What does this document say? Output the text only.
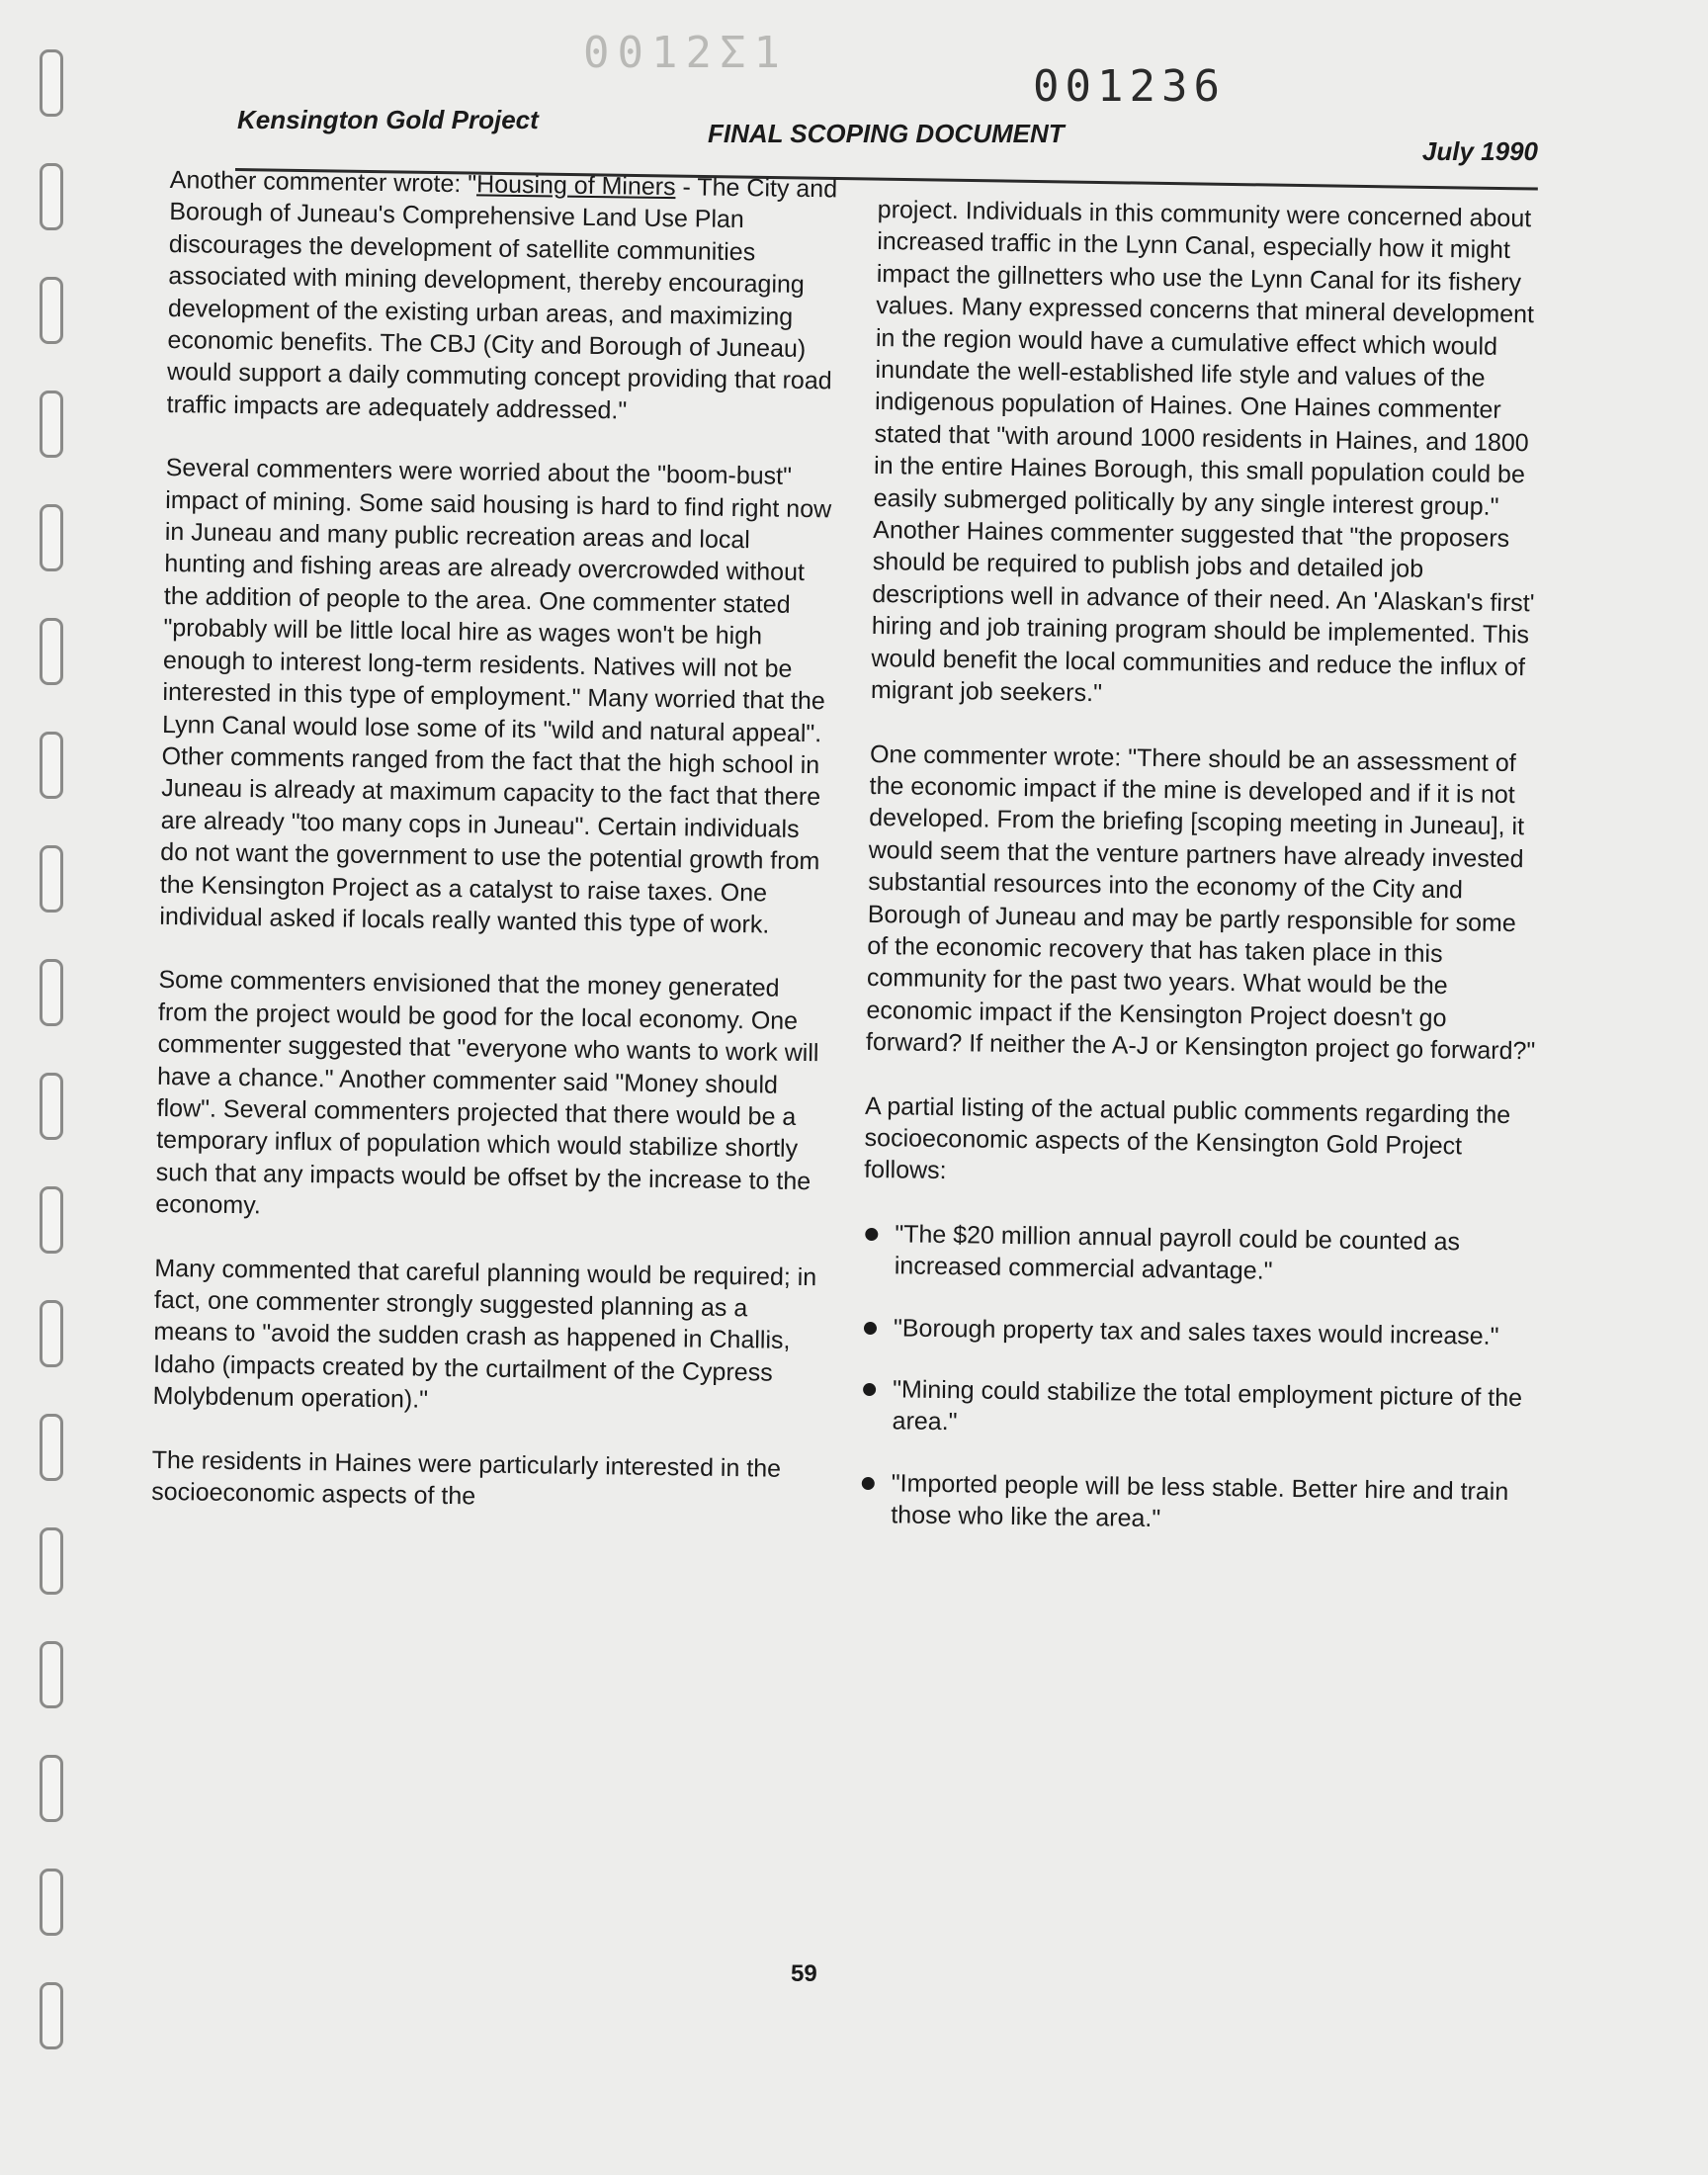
0012Ʃ1
001236
Kensington Gold Project	FINAL SCOPING DOCUMENT
July 1990

Another commenter wrote: "Housing of Miners - The City and Borough of Juneau's Comprehensive Land Use Plan discourages the development of satellite communities associated with mining development, thereby encouraging development of the existing urban areas, and maximizing economic benefits. The CBJ (City and Borough of Juneau) would support a daily commuting concept providing that road traffic impacts are adequately addressed."

Several commenters were worried about the "boom-bust" impact of mining. Some said housing is hard to find right now in Juneau and many public recreation areas and local hunting and fishing areas are already overcrowded without the addition of people to the area. One commenter stated "probably will be little local hire as wages won't be high enough to interest long-term residents. Natives will not be interested in this type of employment." Many worried that the Lynn Canal would lose some of its "wild and natural appeal". Other comments ranged from the fact that the high school in Juneau is already at maximum capacity to the fact that there are already "too many cops in Juneau". Certain individuals do not want the government to use the potential growth from the Kensington Project as a catalyst to raise taxes. One individual asked if locals really wanted this type of work.

Some commenters envisioned that the money generated from the project would be good for the local economy. One commenter suggested that "everyone who wants to work will have a chance." Another commenter said "Money should flow". Several commenters projected that there would be a temporary influx of population which would stabilize shortly such that any impacts would be offset by the increase to the economy.

Many commented that careful planning would be required; in fact, one commenter strongly suggested planning as a means to "avoid the sudden crash as happened in Challis, Idaho (impacts created by the curtailment of the Cypress Molybdenum operation)."

The residents in Haines were particularly interested in the socioeconomic aspects of the

project. Individuals in this community were concerned about increased traffic in the Lynn Canal, especially how it might impact the gillnetters who use the Lynn Canal for its fishery values. Many expressed concerns that mineral development in the region would have a cumulative effect which would inundate the well-established life style and values of the indigenous population of Haines. One Haines commenter stated that "with around 1000 residents in Haines, and 1800 in the entire Haines Borough, this small population could be easily submerged politically by any single interest group." Another Haines commenter suggested that "the proposers should be required to publish jobs and detailed job descriptions well in advance of their need. An 'Alaskan's first' hiring and job training program should be implemented. This would benefit the local communities and reduce the influx of migrant job seekers."

One commenter wrote: "There should be an assessment of the economic impact if the mine is developed and if it is not developed. From the briefing [scoping meeting in Juneau], it would seem that the venture partners have already invested substantial resources into the economy of the City and Borough of Juneau and may be partly responsible for some of the economic recovery that has taken place in this community for the past two years. What would be the economic impact if the Kensington Project doesn't go forward? If neither the A-J or Kensington project go forward?"

A partial listing of the actual public comments regarding the socioeconomic aspects of the Kensington Gold Project follows:

"The $20 million annual payroll could be counted as increased commercial advantage."
"Borough property tax and sales taxes would increase."
"Mining could stabilize the total employment picture of the area."
"Imported people will be less stable. Better hire and train those who like the area."
59
